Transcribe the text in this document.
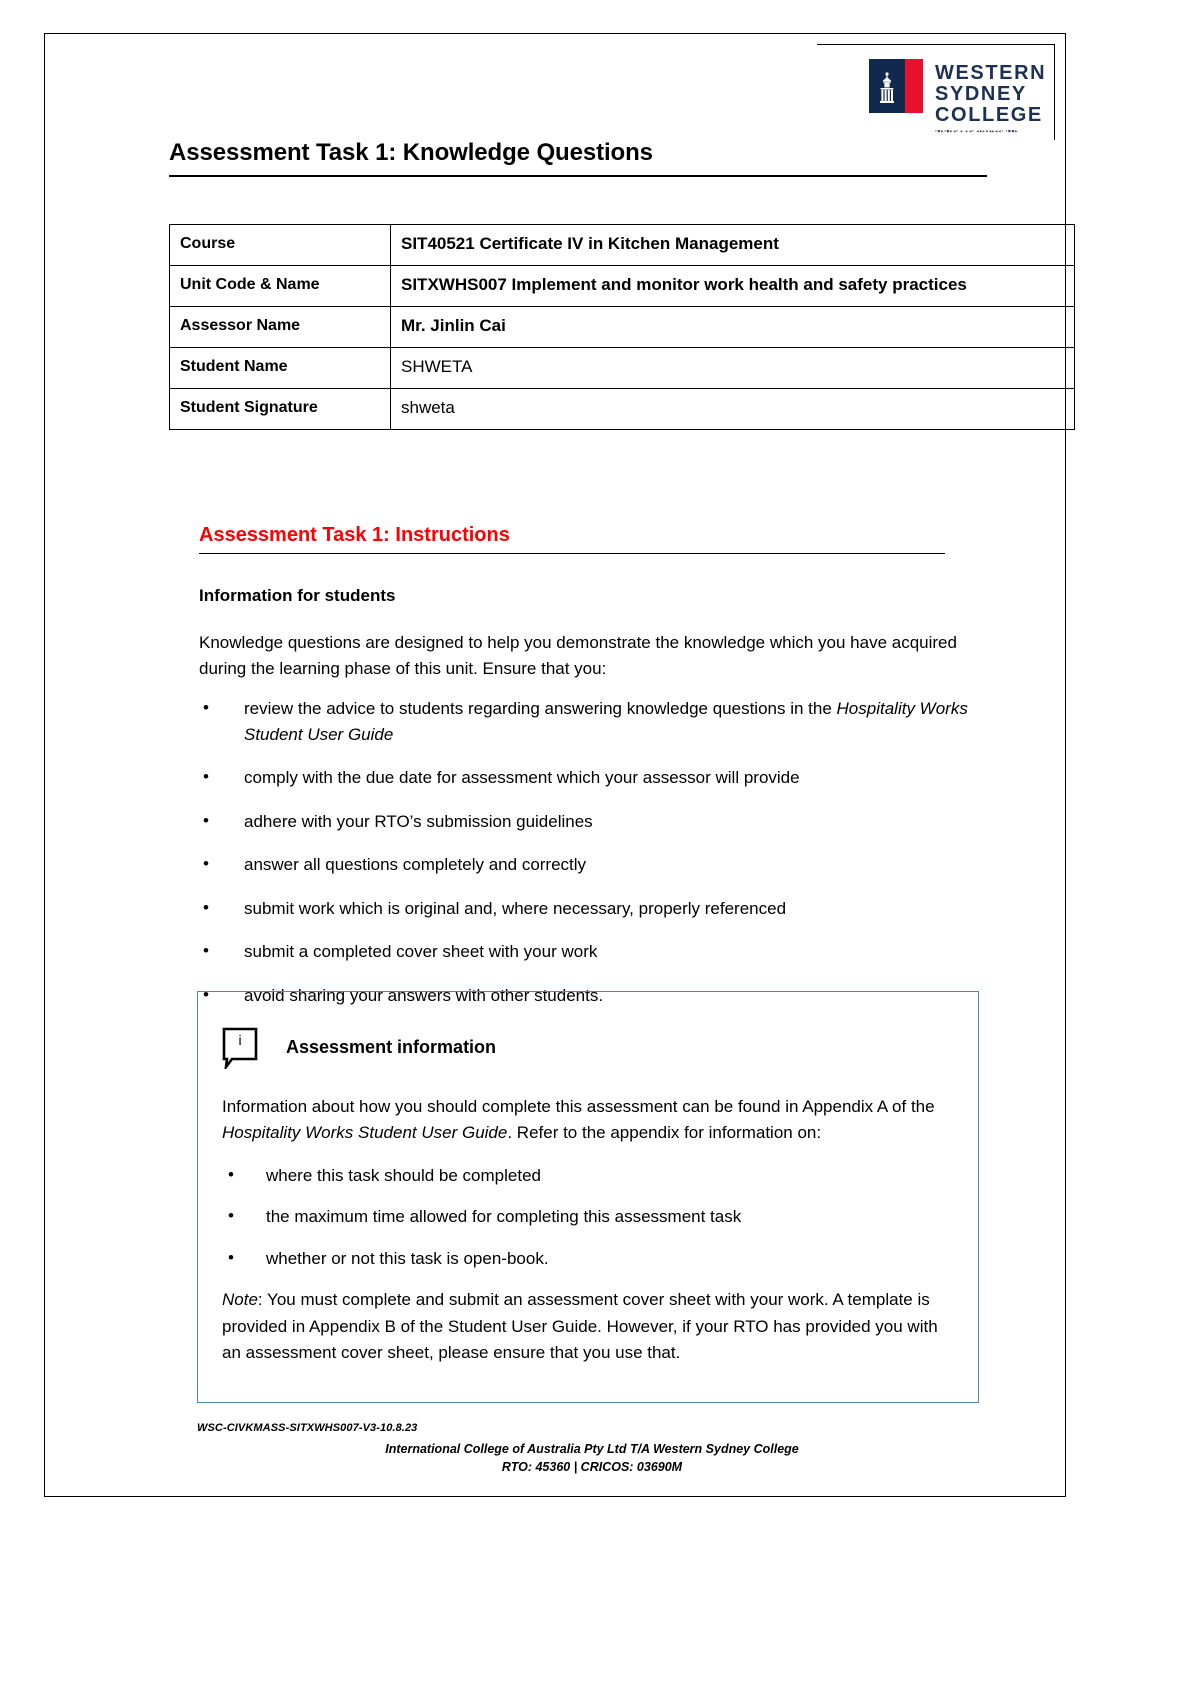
WESTERN SYDNEY
COLLEGE
•■▸•■▸◂• ▸ ▸◂• ◂♦▸♦◂▸◂◂• •■■▸
Assessment Task 1: Knowledge Questions
Course	SIT40521 Certificate IV in Kitchen Management
Unit Code & Name	SITXWHS007 Implement and monitor work health and safety practices
Assessor Name	Mr. Jinlin Cai
Student Name	SHWETA
Student Signature	shweta
Assessment Task 1: Instructions
Information for students
Knowledge questions are designed to help you demonstrate the knowledge which you have acquired during the learning phase of this unit. Ensure that you:
• review the advice to students regarding answering knowledge questions in the Hospitality Works Student User Guide
• comply with the due date for assessment which your assessor will provide
• adhere with your RTO’s submission guidelines
• answer all questions completely and correctly
• submit work which is original and, where necessary, properly referenced
• submit a completed cover sheet with your work
• avoid sharing your answers with other students.
i Assessment information
Information about how you should complete this assessment can be found in Appendix A of the Hospitality Works Student User Guide. Refer to the appendix for information on:
• where this task should be completed
• the maximum time allowed for completing this assessment task
• whether or not this task is open-book.
Note: You must complete and submit an assessment cover sheet with your work. A template is provided in Appendix B of the Student User Guide. However, if your RTO has provided you with an assessment cover sheet, please ensure that you use that.
WSC-CIVKMASS-SITXWHS007-V3-10.8.23
International College of Australia Pty Ltd T/A Western Sydney College
RTO: 45360 | CRICOS: 03690M
